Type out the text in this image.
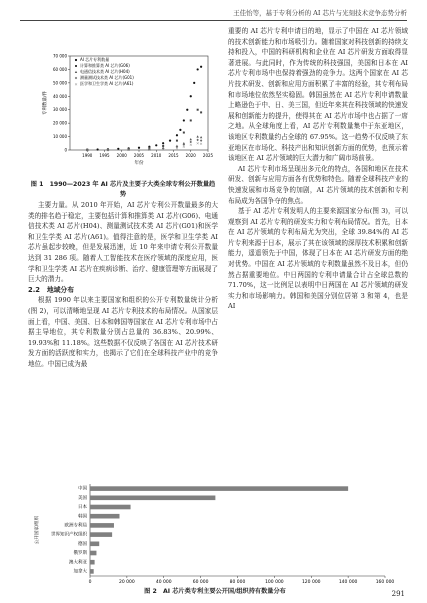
王佳怡等，基于专利分析的 AI 芯片与光刻技术竞争态势分析
0
10 000
20 000
30 000
40 000
50 000
60 000
70 000
1990 1995 2000 2005 2010 2015 2020 2025
年份
专利数量/件
AI 芯片专利数量
计算和推算类 AI 芯片(G06)
电通信技术类 AI 芯片(H04)
测量测试技术类 AI 芯片(G01)
×	×	×	×	×	× × × × ×
× 医学和卫生学类 AI 芯片(A61)
图 1　1990—2023 年 AI 芯片及主要子大类全球专利公开数量趋势

主要力量。从 2010 年开始，AI 芯片专利公开数量最多的大类的排名趋于稳定，主要包括计算和推算类 AI 芯片(G06)、电通信技术类 AI 芯片(H04)、测量测试技术类 AI 芯片(G01)和医学和卫生学类 AI 芯片(A61)。值得注意的是，医学和卫生学类 AI 芯片虽起步较晚，但是发展迅速，近 10 年来申请专利公开数量达到 31 286 项。随着人工智能技术在医疗领域的深度应用，医学和卫生学类 AI 芯片在疾病诊断、治疗、健康管理等方面展现了巨大的潜力。

2.2　地域分布

根据 1990 年以来主要国家和组织的公开专利数量统计分析(图 2)，可以清晰地呈现 AI 芯片专利技术的布局情况。从国家层面上看，中国、美国、日本和韩国等国家在 AI 芯片专利市场中占据主导地位，其专利数量分别占总量的 36.83%、20.99%、19.93%和 11.18%。这些数据不仅反映了各国在 AI 芯片技术研发方面的活跃度和实力，也揭示了它们在全球科技产业中的竞争地位。中国已成为最

重要的 AI 芯片专利申请目的地，显示了中国在 AI 芯片领域的技术创新能力和市场吸引力。随着国家对科技创新的持续支持和投入，中国的科研机构和企业在 AI 芯片研发方面取得显著进展。与此同时，作为传统的科技强国，美国和日本在 AI 芯片专利市场中也保持着强劲的竞争力。这两个国家在 AI 芯片技术研发、创新和应用方面积累了丰富的经验，其专利布局和市场地位依然坚实稳固。韩国虽然在 AI 芯片专利申请数量上略逊色于中、日、美三国，但近年来其在科技领域的快速发展和创新能力的提升，使得其在 AI 芯片市场中也占据了一席之地。从全球角度上看，AI 芯片专利数量集中于东亚地区，该地区专利数量约占全球的 67.95%。这一趋势不仅反映了东亚地区在市场化、科技产出和知识创新方面的优势，也预示着该地区在 AI 芯片领域的巨大潜力和广阔市场前景。

AI 芯片专利市场呈现出多元化的特点，各国和地区在技术研发、创新与应用方面各有优势和特色。随着全球科技产业的快速发展和市场竞争的加剧，AI 芯片领域的技术创新和专利布局成为各国争夺的焦点。

基于 AI 芯片专利发明人的主要来源国家分布(图 3)，可以观察到 AI 芯片专利的研发实力和专利布局情况。首先，日本在 AI 芯片领域的专利布局尤为突出，全球 39.84%的 AI 芯片专利来源于日本，展示了其在该领域的深厚技术积累和创新能力，遥遥领先于中国，体现了日本在 AI 芯片研发方面的绝对优势。中国在 AI 芯片领域的专利数量虽然不及日本，但仍然占据重要地位。中日两国的专利申请量合计占全球总数的 71.70%，这一比例足以表明中日两国在 AI 芯片领域的研发实力和市场影响力。韩国和美国分别位居第 3 和第 4，也是 AI

0	20 000	40 000	60 000	80 000	100 000	120 000	140 000	160 000
中国
美国
日本
韩国
欧洲专利局
世界知识产权组织
德国
俄罗斯
澳大利亚
加拿大
公开国家/组织
图 2　AI 芯片类专利主要公开国/组织持有数量分布	291
